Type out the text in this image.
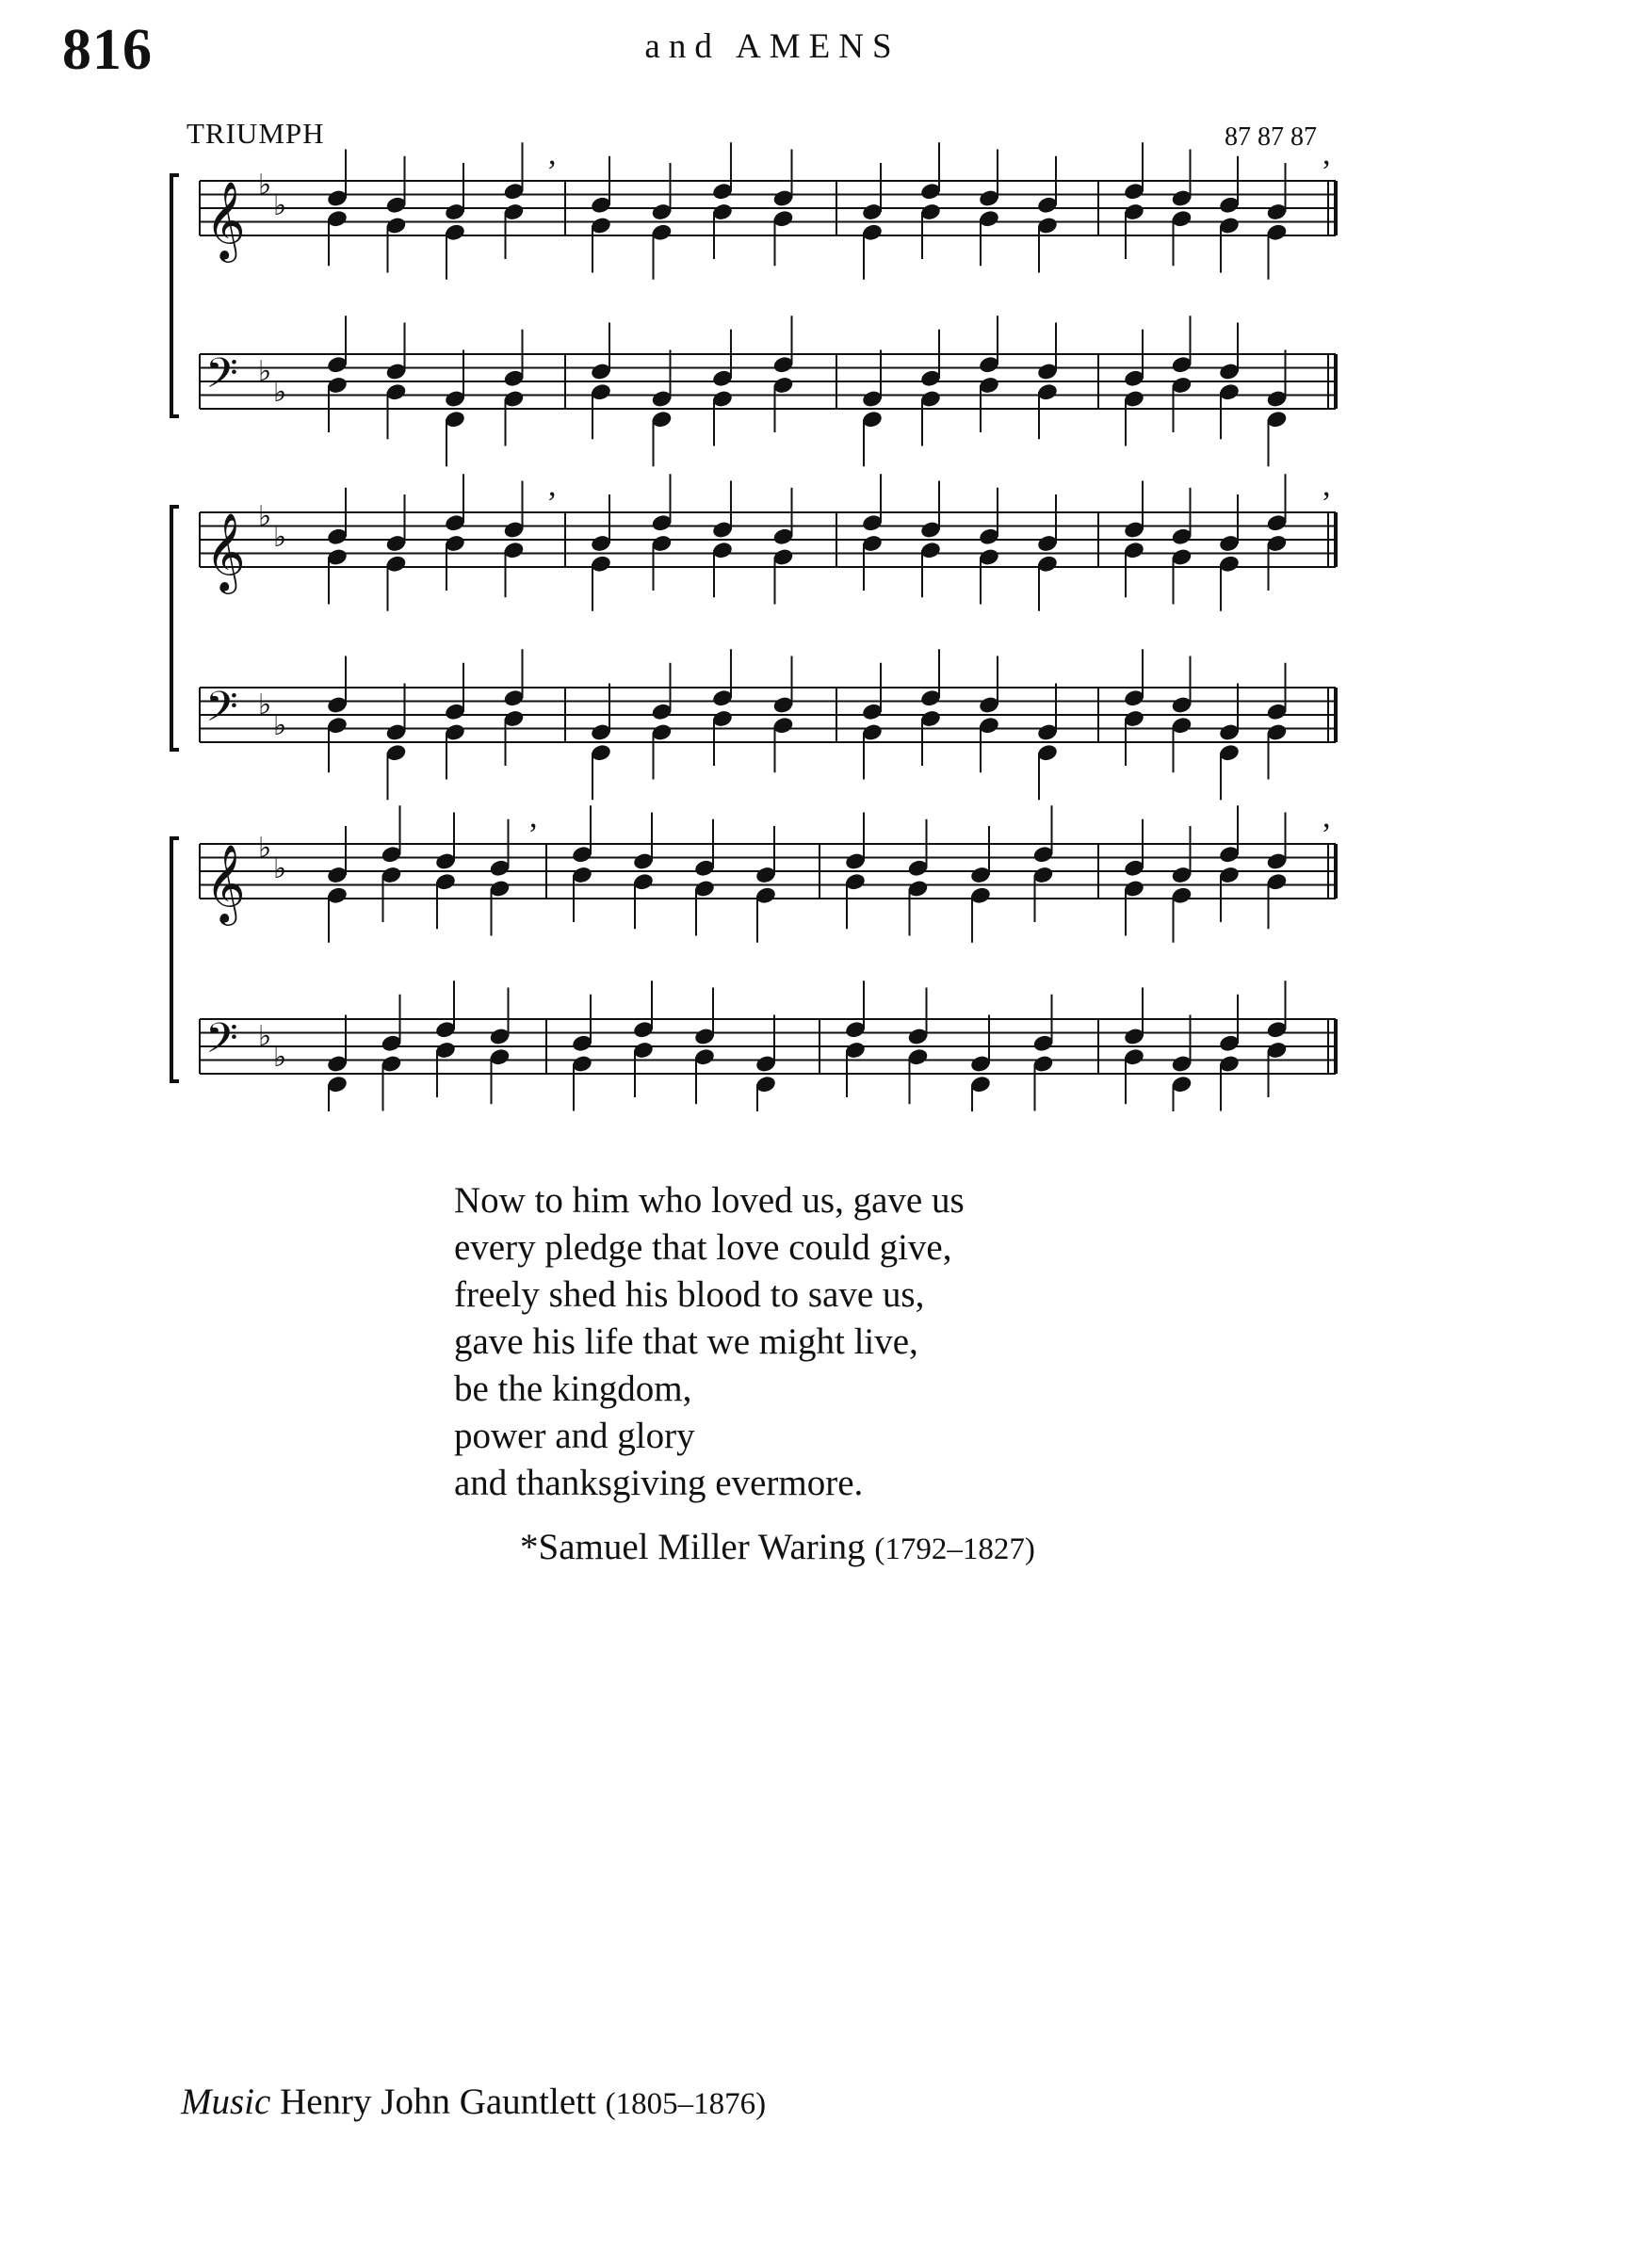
816	and AMENS
TRIUMPH	87 87 87
𝄞 ♭
♭
𝄢 ♭
♭
,	,
𝄞 ♭
♭
𝄢 ♭
♭
,	,
𝄞 ♭
♭
𝄢 ♭
♭
,	,
Now to him who loved us, gave us
every pledge that love could give,
freely shed his blood to save us,
gave his life that we might live,
be the kingdom,
power and glory
and thanksgiving evermore.
*Samuel Miller Waring (1792–1827)
Music Henry John Gauntlett (1805–1876)
